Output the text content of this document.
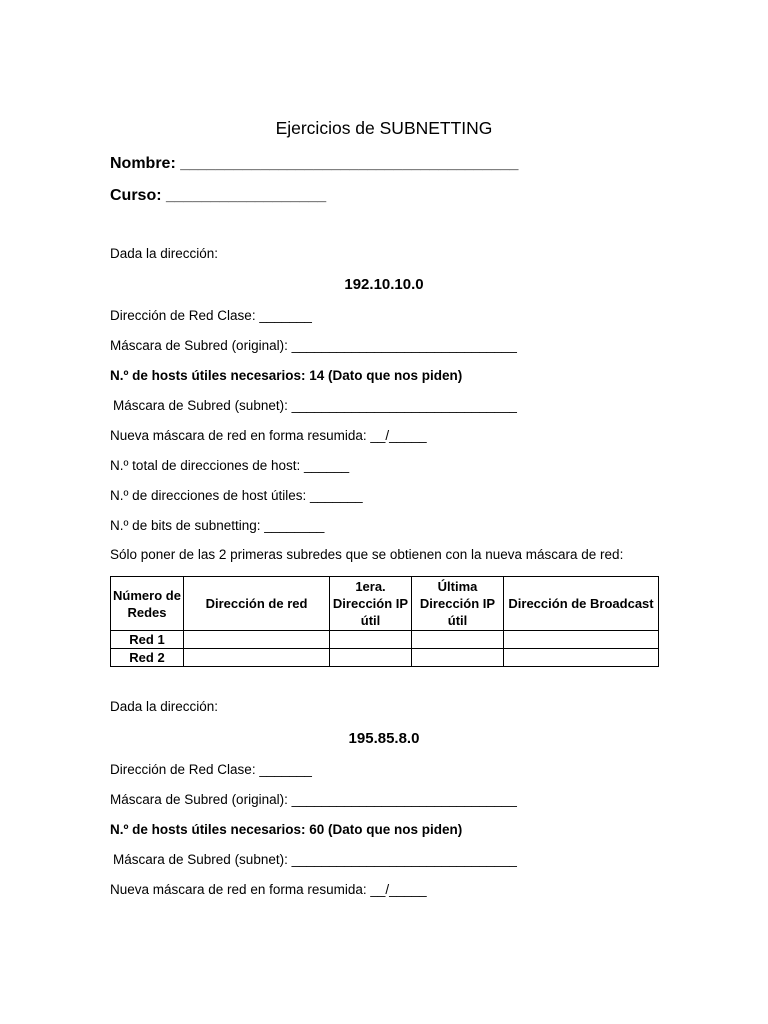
Ejercicios de SUBNETTING
Nombre: ______________________________________
Curso: __________________
Dada la dirección:
192.10.10.0
Dirección de Red Clase: _______
Máscara de Subred (original): ______________________________
N.º de hosts útiles necesarios: 14 (Dato que nos piden)
Máscara de Subred (subnet): ______________________________
Nueva máscara de red en forma resumida: __/_____
N.º total de direcciones de host: ______
N.º de direcciones de host útiles: _______
N.º de bits de subnetting: ________
Sólo poner de las 2 primeras subredes que se obtienen con la nueva máscara de red:
Número de Redes	Dirección de red	1era. Dirección IP útil	Última Dirección IP útil	Dirección de Broadcast
Red 1				
Red 2				
Dada la dirección:
195.85.8.0
Dirección de Red Clase: _______
Máscara de Subred (original): ______________________________
N.º de hosts útiles necesarios: 60 (Dato que nos piden)
Máscara de Subred (subnet): ______________________________
Nueva máscara de red en forma resumida: __/_____
